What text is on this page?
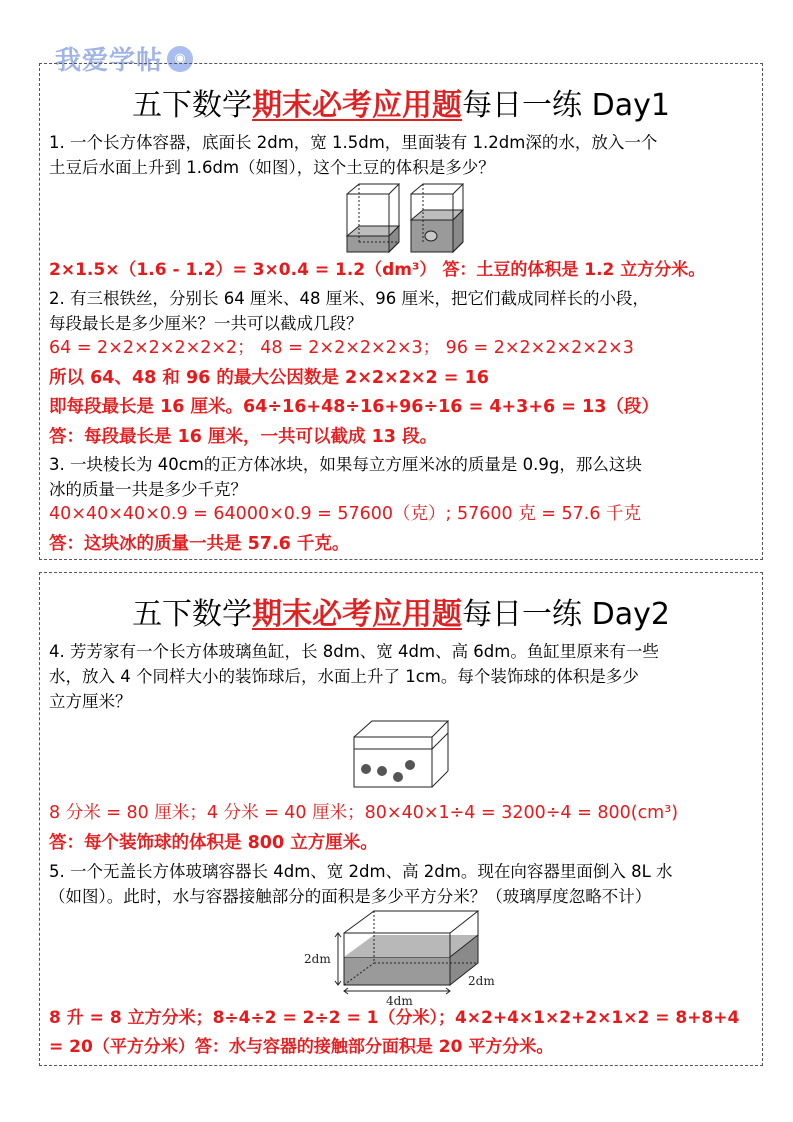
我爱学帖 ◉
五下数学期末必考应用题每日一练 Day1
1. 一个长方体容器，底面长 2dm，宽 1.5dm，里面装有 1.2dm深的水，放入一个
土豆后水面上升到 1.6dm（如图），这个土豆的体积是多少？
2×1.5×（1.6 - 1.2）= 3×0.4 = 1.2（dm³） 答：土豆的体积是 1.2 立方分米。
2. 有三根铁丝，分别长 64 厘米、48 厘米、96 厘米，把它们截成同样长的小段，
每段最长是多少厘米？一共可以截成几段？
64 = 2×2×2×2×2×2； 48 = 2×2×2×2×3； 96 = 2×2×2×2×2×3
所以 64、48 和 96 的最大公因数是 2×2×2×2 = 16
即每段最长是 16 厘米。64÷16+48÷16+96÷16 = 4+3+6 = 13（段）
答：每段最长是 16 厘米，一共可以截成 13 段。
3. 一块棱长为 40cm的正方体冰块，如果每立方厘米冰的质量是 0.9g，那么这块
冰的质量一共是多少千克？
40×40×40×0.9 = 64000×0.9 = 57600（克）; 57600 克 = 57.6 千克
答：这块冰的质量一共是 57.6 千克。
五下数学期末必考应用题每日一练 Day2
4. 芳芳家有一个长方体玻璃鱼缸，长 8dm、宽 4dm、高 6dm。鱼缸里原来有一些
水，放入 4 个同样大小的装饰球后，水面上升了 1cm。每个装饰球的体积是多少
立方厘米？
8 分米 = 80 厘米；4 分米 = 40 厘米；80×40×1÷4 = 3200÷4 = 800(cm³)
答：每个装饰球的体积是 800 立方厘米。
5. 一个无盖长方体玻璃容器长 4dm、宽 2dm、高 2dm。现在向容器里面倒入 8L 水
（如图）。此时，水与容器接触部分的面积是多少平方分米？（玻璃厚度忽略不计）
2dm
2dm
4dm
8 升 = 8 立方分米；8÷4÷2 = 2÷2 = 1（分米）；4×2+4×1×2+2×1×2 = 8+8+4
= 20（平方分米）答：水与容器的接触部分面积是 20 平方分米。
